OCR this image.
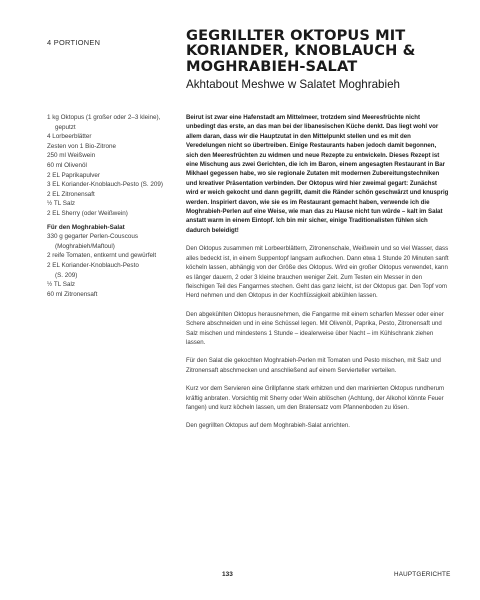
4 PORTIONEN	GEGRILLTER OKTOPUS MIT KORIANDER, KNOBLAUCH & MOGHRABIEH-SALAT
Akhtabout Meshwe w Salatet Moghrabieh
1 kg Oktopus (1 großer oder 2–3 kleine),
geputzt
4 Lorbeerblätter
Zesten von 1 Bio-Zitrone
250 ml Weißwein
60 ml Olivenöl
2 EL Paprikapulver
3 EL Koriander-Knoblauch-Pesto (S. 209)
2 EL Zitronensaft
½ TL Salz
2 EL Sherry (oder Weißwein)
Für den Moghrabieh-Salat
330 g gegarter Perlen-Couscous
(Moghrabieh/Maftoul)
2 reife Tomaten, entkernt und gewürfelt
2 EL Koriander-Knoblauch-Pesto
(S. 209)
½ TL Salz
60 ml Zitronensaft

Beirut ist zwar eine Hafenstadt am Mittelmeer, trotzdem sind Meeresfrüchte nicht unbedingt das erste, an das man bei der libanesischen Küche denkt. Das liegt wohl vor allem daran, dass wir die Hauptzutat in den Mittelpunkt stellen und es mit den Veredelungen nicht so übertreiben. Einige Restaurants haben jedoch damit begonnen, sich den Meeresfrüchten zu widmen und neue Rezepte zu entwickeln. Dieses Rezept ist eine Mischung aus zwei Gerichten, die ich im Baron, einem angesagten Restaurant in Bar Mikhael gegessen habe, wo sie regionale Zutaten mit modernen Zubereitungstechniken und kreativer Präsentation verbinden. Der Oktopus wird hier zweimal gegart: Zunächst wird er weich gekocht und dann gegrillt, damit die Ränder schön geschwärzt und knusprig werden. Inspiriert davon, wie sie es im Restaurant gemacht haben, verwende ich die Moghrabieh-Perlen auf eine Weise, wie man das zu Hause nicht tun würde – kalt im Salat anstatt warm in einem Eintopf. Ich bin mir sicher, einige Traditionalisten fühlen sich dadurch beleidigt!

Den Oktopus zusammen mit Lorbeerblättern, Zitronenschale, Weißwein und so viel Wasser, dass alles bedeckt ist, in einem Suppentopf langsam aufkochen. Dann etwa 1 Stunde 20 Minuten sanft köcheln lassen, abhängig von der Größe des Oktopus. Wird ein großer Oktopus verwendet, kann es länger dauern, 2 oder 3 kleine brauchen weniger Zeit. Zum Testen ein Messer in den fleischigen Teil des Fangarmes stechen. Geht das ganz leicht, ist der Oktopus gar. Den Topf vom Herd nehmen und den Oktopus in der Kochflüssigkeit abkühlen lassen.

Den abgekühlten Oktopus herausnehmen, die Fangarme mit einem scharfen Messer oder einer Schere abschneiden und in eine Schüssel legen. Mit Olivenöl, Paprika, Pesto, Zitronensaft und Salz mischen und mindestens 1 Stunde – idealerweise über Nacht – im Kühlschrank ziehen lassen.

Für den Salat die gekochten Moghrabieh-Perlen mit Tomaten und Pesto mischen, mit Salz und Zitronensaft abschmecken und anschließend auf einem Servierteller verteilen.

Kurz vor dem Servieren eine Grillpfanne stark erhitzen und den marinierten Oktopus rundherum kräftig anbraten. Vorsichtig mit Sherry oder Wein ablöschen (Achtung, der Alkohol könnte Feuer fangen) und kurz köcheln lassen, um den Bratensatz vom Pfannenboden zu lösen.

Den gegrillten Oktopus auf dem Moghrabieh-Salat anrichten.

133	HAUPTGERICHTE
